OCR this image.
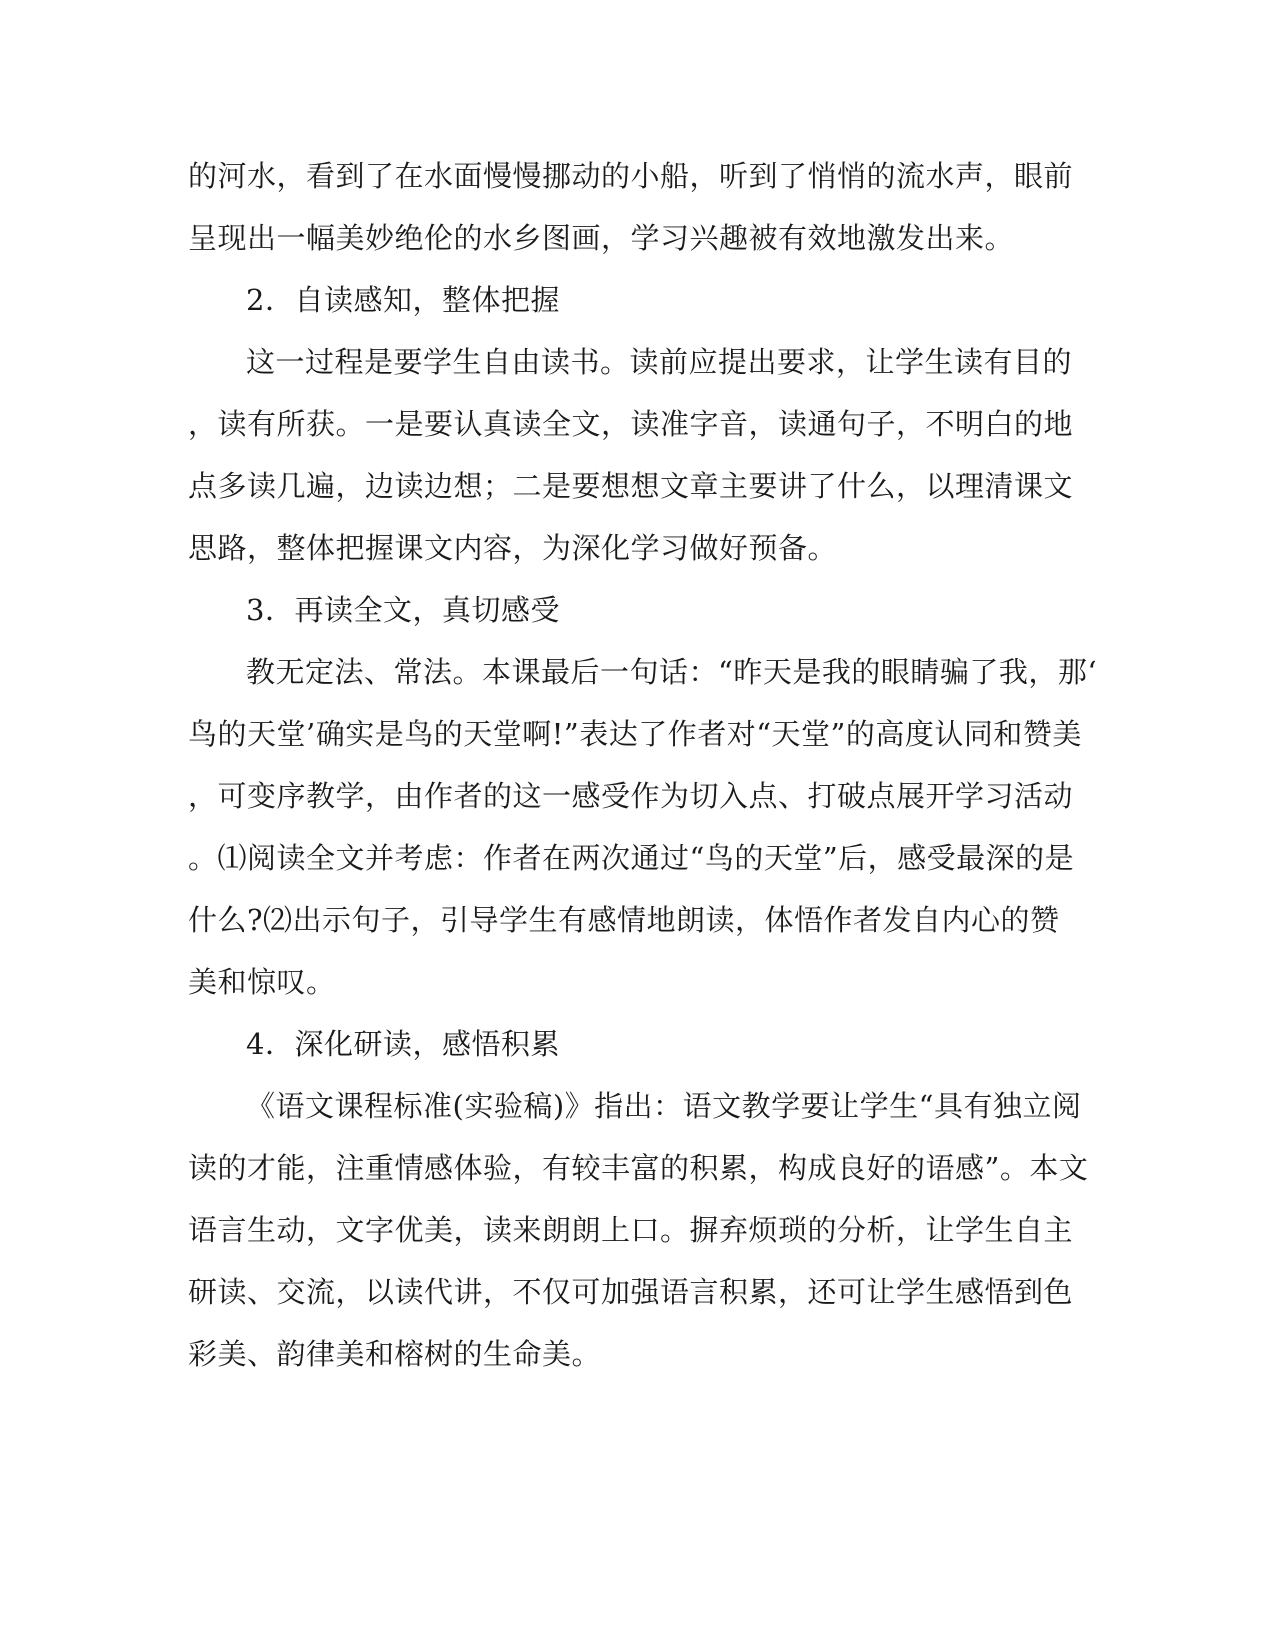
的河水，看到了在水面慢慢挪动的小船，听到了悄悄的流水声，眼前
呈现出一幅美妙绝伦的水乡图画，学习兴趣被有效地激发出来。
2．自读感知，整体把握
这一过程是要学生自由读书。读前应提出要求，让学生读有目的
，读有所获。一是要认真读全文，读准字音，读通句子，不明白的地
点多读几遍，边读边想；二是要想想文章主要讲了什么，以理清课文
思路，整体把握课文内容，为深化学习做好预备。
3．再读全文，真切感受
教无定法、常法。本课最后一句话：“昨天是我的眼睛骗了我，那‘
鸟的天堂’确实是鸟的天堂啊!”表达了作者对“天堂”的高度认同和赞美
，可变序教学，由作者的这一感受作为切入点、打破点展开学习活动
。⑴阅读全文并考虑：作者在两次通过“鸟的天堂”后，感受最深的是
什么?⑵出示句子，引导学生有感情地朗读，体悟作者发自内心的赞
美和惊叹。
4．深化研读，感悟积累
《语文课程标准(实验稿)》指出：语文教学要让学生“具有独立阅
读的才能，注重情感体验，有较丰富的积累，构成良好的语感”。本文
语言生动，文字优美，读来朗朗上口。摒弃烦琐的分析，让学生自主
研读、交流，以读代讲，不仅可加强语言积累，还可让学生感悟到色
彩美、韵律美和榕树的生命美。
